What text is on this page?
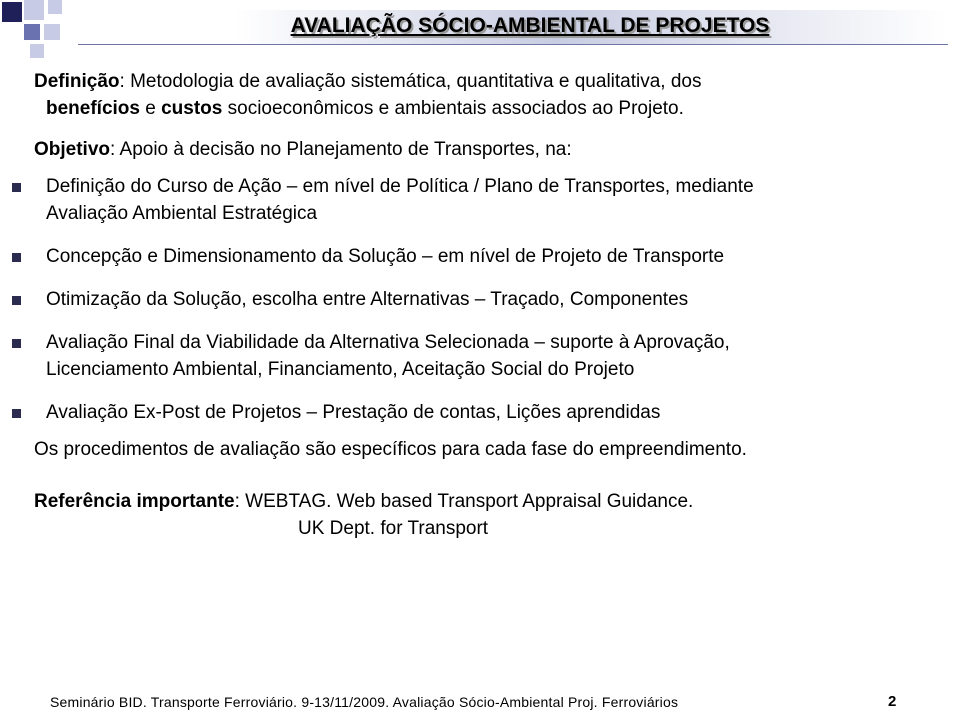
AVALIAÇÃO SÓCIO-AMBIENTAL DE PROJETOS

Definição: Metodologia de avaliação sistemática, quantitativa e qualitativa, dos
benefícios e custos socioeconômicos e ambientais associados ao Projeto.

Objetivo: Apoio à decisão no Planejamento de Transportes, na:

Definição do Curso de Ação – em nível de Política / Plano de Transportes, mediante
Avaliação Ambiental Estratégica
Concepção e Dimensionamento da Solução – em nível de Projeto de Transporte
Otimização da Solução, escolha entre Alternativas – Traçado, Componentes
Avaliação Final da Viabilidade da Alternativa Selecionada – suporte à Aprovação,
Licenciamento Ambiental, Financiamento, Aceitação Social do Projeto
Avaliação Ex-Post de Projetos – Prestação de contas, Lições aprendidas

Os procedimentos de avaliação são específicos para cada fase do empreendimento.

Referência importante: WEBTAG. Web based Transport Appraisal Guidance.
UK Dept. for Transport

Seminário BID. Transporte Ferroviário. 9-13/11/2009. Avaliação Sócio-Ambiental Proj. Ferroviários	2
